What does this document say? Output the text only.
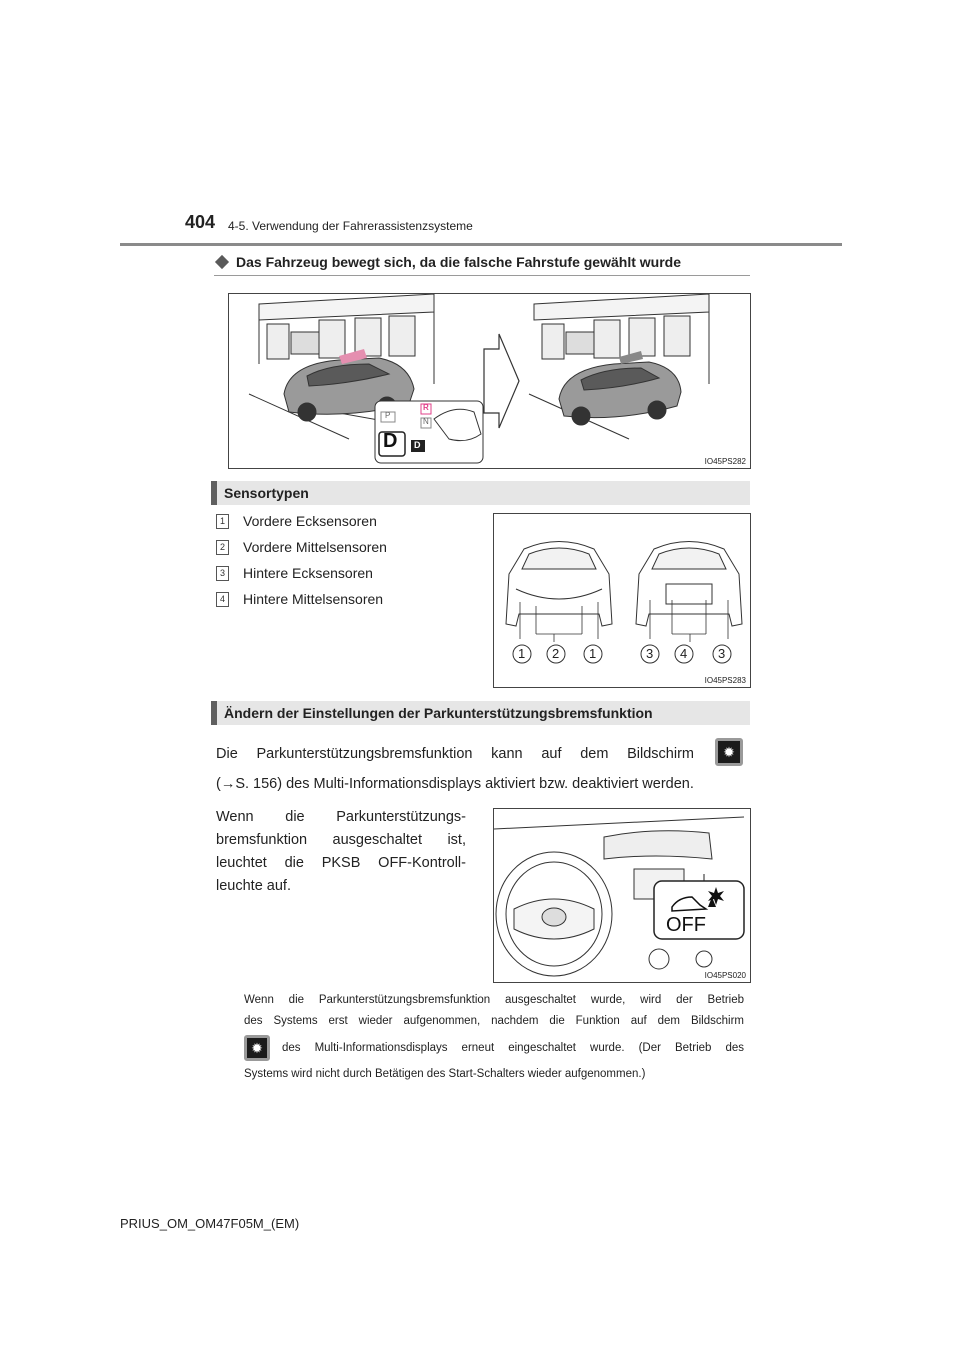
404 4-5. Verwendung der Fahrerassistenzsysteme
Das Fahrzeug bewegt sich, da die falsche Fahrstufe gewählt wurde
P
R
N
D D
IO45PS282
Sensortypen
1 Vordere Ecksensoren
2 Vordere Mittelsensoren
3 Hintere Ecksensoren
4 Hintere Mittelsensoren
1 2 1	3 4 3
IO45PS283
Ändern der Einstellungen der Parkunterstützungsbremsfunktion
Die Parkunterstützungsbremsfunktion kann auf dem Bildschirm	✹
(→S. 156) des Multi-Informationsdisplays aktiviert bzw. deaktiviert werden.
Wenn die Parkunterstützungs-
bremsfunktion ausgeschaltet ist,
leuchtet die PKSB OFF-Kontroll-
leuchte auf.
OFF
IO45PS020
Wenn die Parkunterstützungsbremsfunktion ausgeschaltet wurde, wird der Betrieb
des Systems erst wieder aufgenommen, nachdem die Funktion auf dem Bildschirm
✹	des Multi-Informationsdisplays erneut eingeschaltet wurde. (Der Betrieb des
Systems wird nicht durch Betätigen des Start-Schalters wieder aufgenommen.)
PRIUS_OM_OM47F05M_(EM)
